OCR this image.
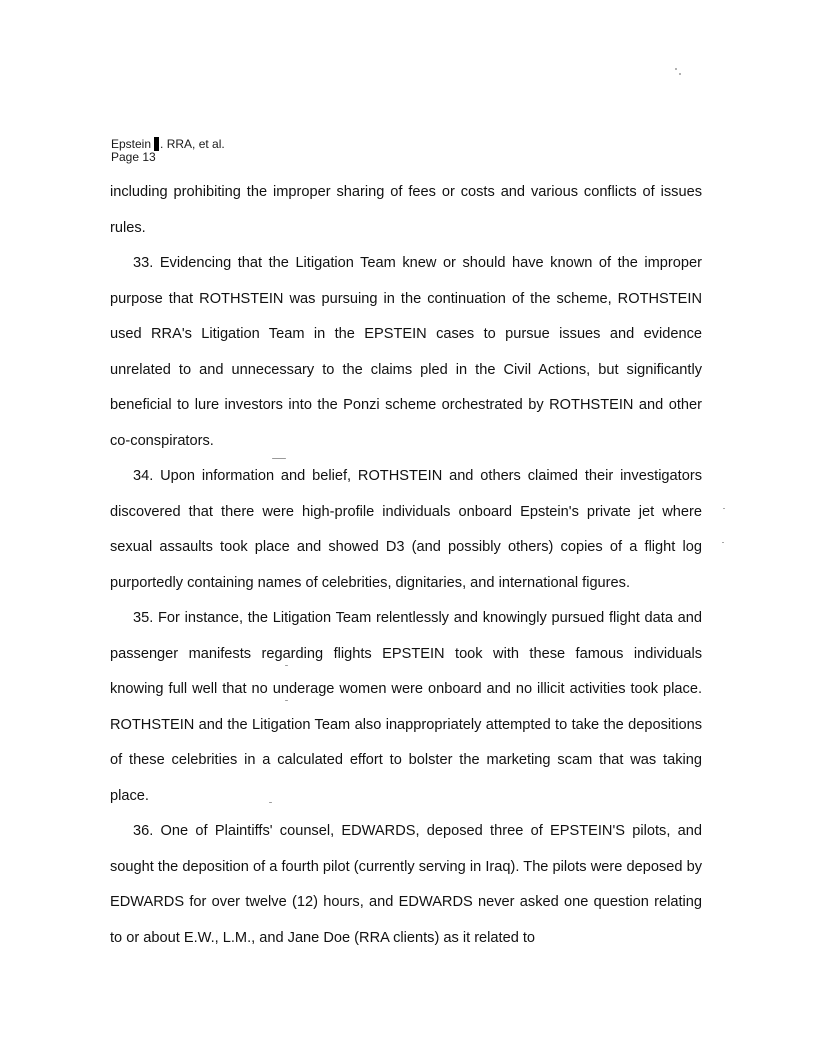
Epstein . RRA, et al.
Page 13

including prohibiting the improper sharing of fees or costs and various conflicts of issues rules.

33. Evidencing that the Litigation Team knew or should have known of the improper purpose that ROTHSTEIN was pursuing in the continuation of the scheme, ROTHSTEIN used RRA's Litigation Team in the EPSTEIN cases to pursue issues and evidence unrelated to and unnecessary to the claims pled in the Civil Actions, but significantly beneficial to lure investors into the Ponzi scheme orchestrated by ROTHSTEIN and other co-conspirators.

34. Upon information and belief, ROTHSTEIN and others claimed their investigators discovered that there were high-profile individuals onboard Epstein's private jet where sexual assaults took place and showed D3 (and possibly others) copies of a flight log purportedly containing names of celebrities, dignitaries, and international figures.

35. For instance, the Litigation Team relentlessly and knowingly pursued flight data and passenger manifests regarding flights EPSTEIN took with these famous individuals knowing full well that no underage women were onboard and no illicit activities took place. ROTHSTEIN and the Litigation Team also inappropriately attempted to take the depositions of these celebrities in a calculated effort to bolster the marketing scam that was taking place.

36. One of Plaintiffs' counsel, EDWARDS, deposed three of EPSTEIN'S pilots, and sought the deposition of a fourth pilot (currently serving in Iraq). The pilots were deposed by EDWARDS for over twelve (12) hours, and EDWARDS never asked one question relating to or about E.W., L.M., and Jane Doe (RRA clients) as it related to
